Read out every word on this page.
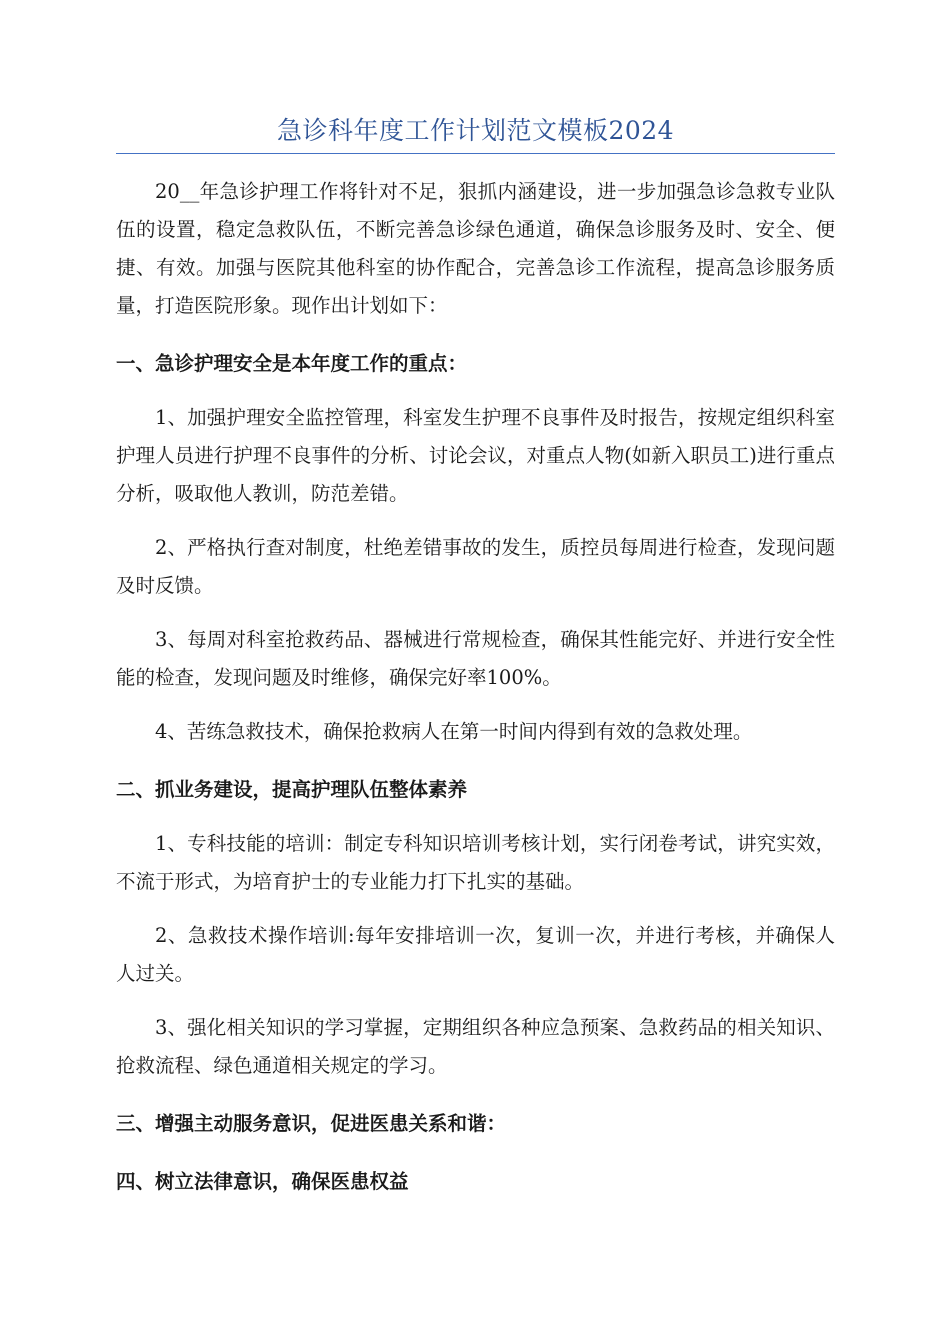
急诊科年度工作计划范文模板2024

20__年急诊护理工作将针对不足，狠抓内涵建设，进一步加强急诊急救专业队伍的设置，稳定急救队伍，不断完善急诊绿色通道，确保急诊服务及时、安全、便捷、有效。加强与医院其他科室的协作配合，完善急诊工作流程，提高急诊服务质量，打造医院形象。现作出计划如下：

一、急诊护理安全是本年度工作的重点：

1、加强护理安全监控管理，科室发生护理不良事件及时报告，按规定组织科室护理人员进行护理不良事件的分析、讨论会议，对重点人物(如新入职员工)进行重点分析，吸取他人教训，防范差错。

2、严格执行查对制度，杜绝差错事故的发生，质控员每周进行检查，发现问题及时反馈。

3、每周对科室抢救药品、器械进行常规检查，确保其性能完好、并进行安全性能的检查，发现问题及时维修，确保完好率100%。

4、苦练急救技术，确保抢救病人在第一时间内得到有效的急救处理。

二、抓业务建设，提高护理队伍整体素养

1、专科技能的培训：制定专科知识培训考核计划，实行闭卷考试，讲究实效，不流于形式，为培育护士的专业能力打下扎实的基础。

2、急救技术操作培训:每年安排培训一次，复训一次，并进行考核，并确保人人过关。

3、强化相关知识的学习掌握，定期组织各种应急预案、急救药品的相关知识、抢救流程、绿色通道相关规定的学习。

三、增强主动服务意识，促进医患关系和谐：

四、树立法律意识，确保医患权益
